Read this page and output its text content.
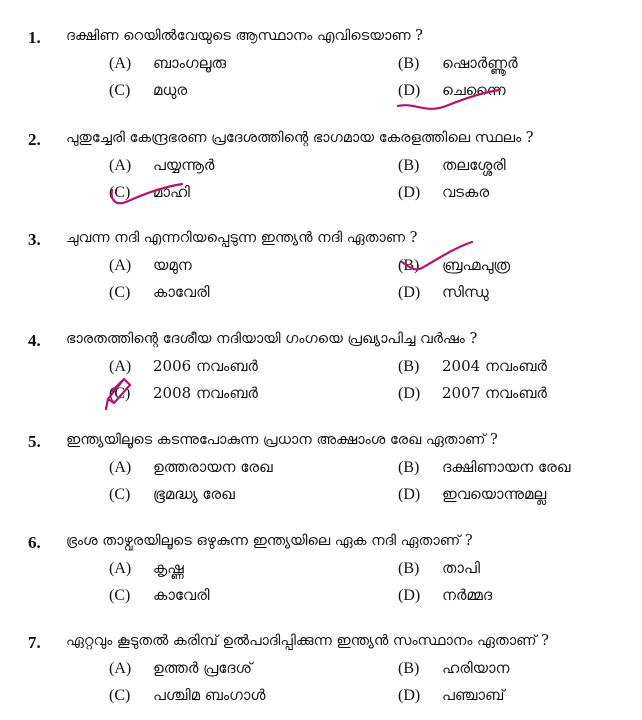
1. ദക്ഷിണ റെയിൽവേയുടെ ആസ്ഥാനം എവിടെയാണ ?
(A) ബാംഗലൂരു	(B) ഷൊർണ്ണൂർ
(C) മധുര	(D) ചെന്നൈ
2. പുതുച്ചേരി കേന്ദ്രഭരണ പ്രദേശത്തിന്റെ ഭാഗമായ കേരളത്തിലെ സ്ഥലം ?
(A) പയ്യന്നൂർ	(B) തലശ്ശേരി
(C) മാഹി	(D) വടകര
3. ചുവന്ന നദി എന്നറിയപ്പെടുന്ന ഇന്ത്യൻ നദി ഏതാണ ?
(A) യമുന	(B) ബ്രഹ്മപുത്ര
(C) കാവേരി	(D) സിന്ധു
4. ഭാരതത്തിന്റെ ദേശീയ നദിയായി ഗംഗയെ പ്രഖ്യാപിച്ച വർഷം ?
(A) 2006 നവംബർ	(B) 2004 നവംബർ
(C) 2008 നവംബർ	(D) 2007 നവംബർ
5. ഇന്ത്യയിലൂടെ കടന്നുപോകുന്ന പ്രധാന അക്ഷാംശ രേഖ ഏതാണ് ?
(A) ഉത്തരായന രേഖ	(B) ദക്ഷിണായന രേഖ
(C) ഭൂമദ്ധ്യ രേഖ	(D) ഇവയൊന്നുമല്ല
6. ഭ്രംശ താഴ്വരയിലൂടെ ഒഴുകുന്ന ഇന്ത്യയിലെ ഏക നദി ഏതാണ് ?
(A) കൃഷ്ണ	(B) താപി
(C) കാവേരി	(D) നർമ്മദ
7. ഏറ്റവും കൂടുതൽ കരിമ്പ് ഉൽപാദിപ്പിക്കുന്ന ഇന്ത്യൻ സംസ്ഥാനം ഏതാണ് ?
(A) ഉത്തർ പ്രദേശ്	(B) ഹരിയാന
(C) പശ്ചിമ ബംഗാൾ	(D) പഞ്ചാബ്
